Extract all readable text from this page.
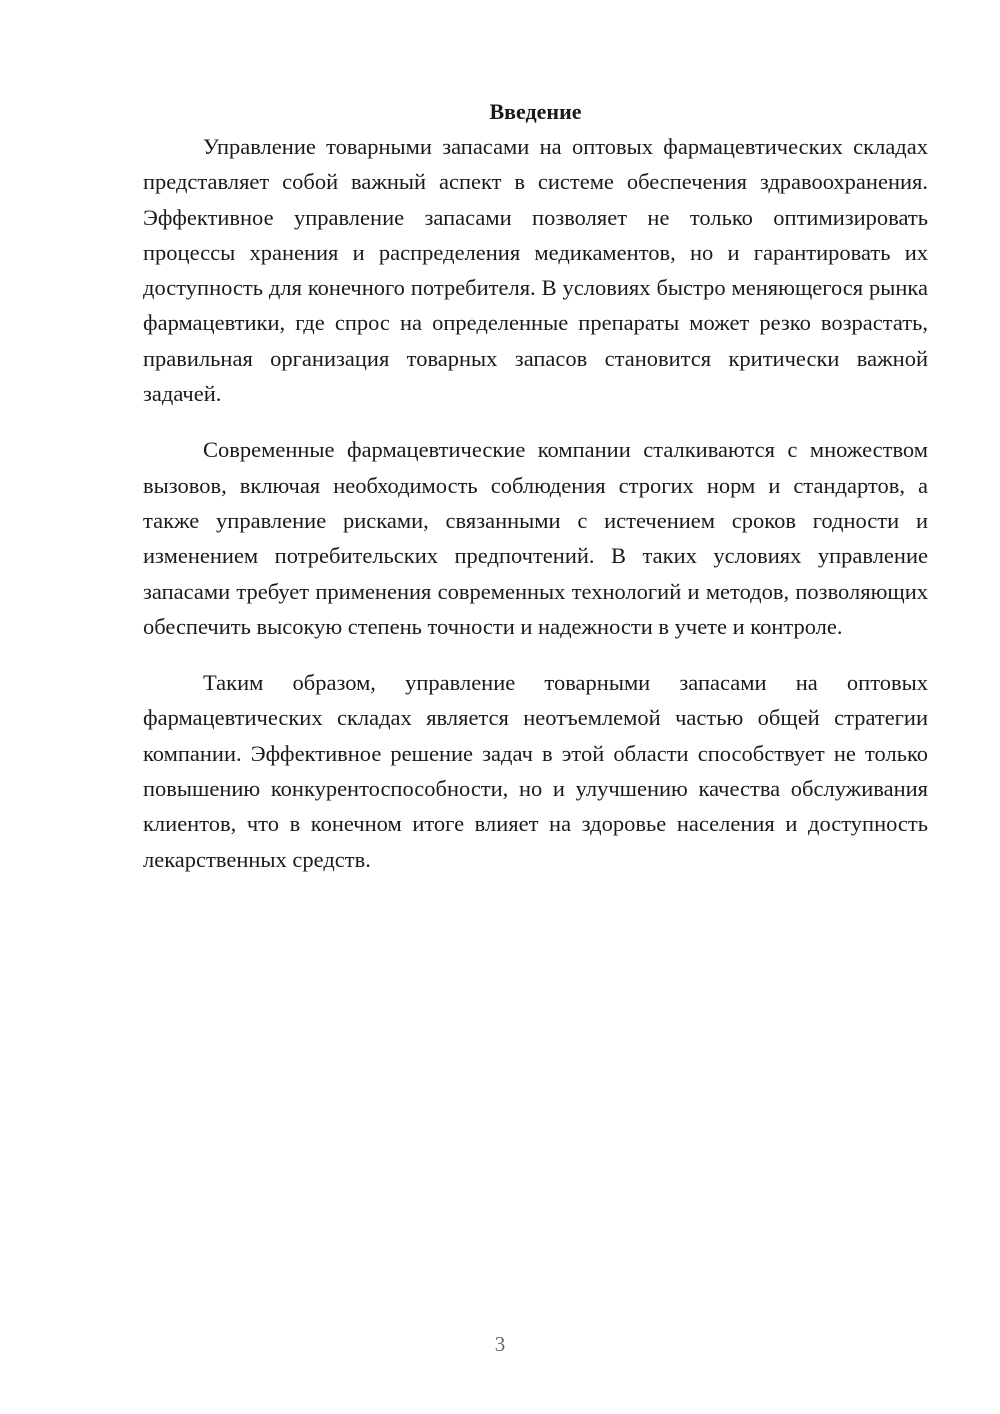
Введение

Управление товарными запасами на оптовых фармацевтических складах представляет собой важный аспект в системе обеспечения здравоохранения. Эффективное управление запасами позволяет не только оптимизировать процессы хранения и распределения медикаментов, но и гарантировать их доступность для конечного потребителя. В условиях быстро меняющегося рынка фармацевтики, где спрос на определенные препараты может резко возрастать, правильная организация товарных запасов становится критически важной задачей.

Современные фармацевтические компании сталкиваются с множеством вызовов, включая необходимость соблюдения строгих норм и стандартов, а также управление рисками, связанными с истечением сроков годности и изменением потребительских предпочтений. В таких условиях управление запасами требует применения современных технологий и методов, позволяющих обеспечить высокую степень точности и надежности в учете и контроле.

Таким образом, управление товарными запасами на оптовых фармацевтических складах является неотъемлемой частью общей стратегии компании. Эффективное решение задач в этой области способствует не только повышению конкурентоспособности, но и улучшению качества обслуживания клиентов, что в конечном итоге влияет на здоровье населения и доступность лекарственных средств.

3
